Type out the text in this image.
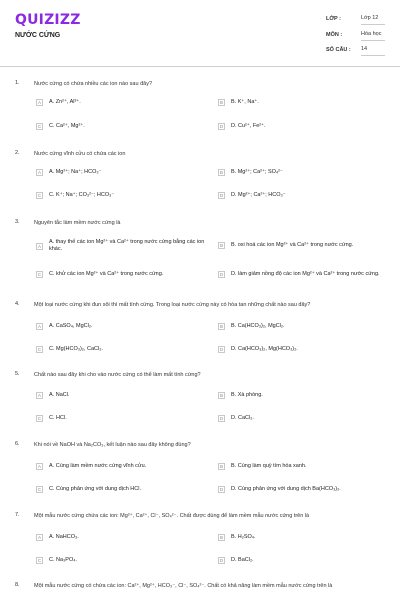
QUIZIZZ
NƯỚC CỨNG
LỚP :	Lớp 12
MÔN :	Hóa học
SỐ CÂU : 14
1.	Nước cứng có chứa nhiều các ion nào sau đây?
A	A. Zn²⁺, Al³⁺.	B	B. K⁺, Na⁺.
C	C. Ca²⁺, Mg²⁺.	D	D. Cu²⁺, Fe²⁺.
2.	Nước cứng vĩnh cửu có chứa các ion
A	A. Mg²⁺; Na⁺; HCO₃⁻	B	B. Mg²⁺; Ca²⁺; SO₄²⁻
C	C. K⁺; Na⁺; CO₃²⁻; HCO₃⁻	D	D. Mg²⁺; Ca²⁺; HCO₃⁻
3.	Nguyên tắc làm mềm nước cứng là
A
A. thay thế các ion Mg²⁺ và Ca²⁺ trong nước cứng bằng các ion khác.
B	B. oxi hoá các ion Mg²⁺ và Ca²⁺ trong nước cứng.
C	C. khử các ion Mg²⁺ và Ca²⁺ trong nước cứng.	D	D. làm giảm nồng độ các ion Mg²⁺ và Ca²⁺ trong nước cứng.
4.	Một loại nước cứng khi đun sôi thì mất tính cứng. Trong loại nước cứng này có hòa tan những chất nào sau đây?
A	A. CaSO₄, MgCl₂.	B	B. Ca(HCO₃)₂, MgCl₂.
C	C. Mg(HCO₃)₂, CaCl₂.	D	D. Ca(HCO₃)₂, Mg(HCO₃)₂.
5.	Chất nào sau đây khi cho vào nước cứng có thể làm mất tính cứng?
A	A. NaCl.	B	B. Xà phòng.
C	C. HCl.	D	D. CaCl₂.
6.	Khi nói về NaOH và Na₂CO₃, kết luận nào sau đây không đúng?
A	A. Cùng làm mềm nước cứng vĩnh cửu.	B	B. Cùng làm quỳ tím hóa xanh.
C	C. Cùng phản ứng với dung dịch HCl.	D	D. Cùng phản ứng với dung dịch Ba(HCO₃)₂.
7.	Một mẫu nước cứng chứa các ion: Mg²⁺, Ca²⁺, Cl⁻, SO₄²⁻. Chất được dùng để làm mềm mẫu nước cứng trên là
A	A. NaHCO₃.	B	B. H₂SO₄.
C	C. Na₃PO₄.	D	D. BaCl₂.
8.	Một mẫu nước cứng có chứa các ion: Ca²⁺, Mg²⁺, HCO₃⁻, Cl⁻, SO₄²⁻. Chất có khả năng làm mềm mẫu nước cứng trên là
